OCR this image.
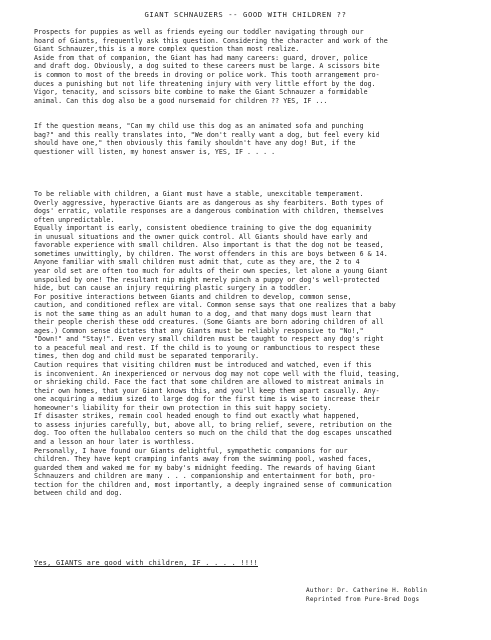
GIANT SCHNAUZERS -- GOOD WITH CHILDREN ??
Prospects for puppies as well as friends eyeing our toddler navigating through our
hoard of Giants, frequently ask this question. Considering the character and work of the
Giant Schnauzer,this is a more complex question than most realize.
Aside from that of companion, the Giant has had many careers: guard, drover, police
and draft dog. Obviously, a dog suited to these careers must be large. A scissors bite
is common to most of the breeds in droving or police work. This tooth arrangement pro-
duces a punishing but not life threatening injury with very little effort by the dog.
Vigor, tenacity, and scissors bite combine to make the Giant Schnauzer a formidable
animal. Can this dog also be a good nursemaid for children ?? YES, IF ...
If the question means, "Can my child use this dog as an animated sofa and punching
bag?" and this really translates into, "We don't really want a dog, but feel every kid
should have one," then obviously this family shouldn't have any dog! But, if the
questioner will listen, my honest answer is, YES, IF . . . .
To be reliable with children, a Giant must have a stable, unexcitable temperament.
Overly aggressive, hyperactive Giants are as dangerous as shy fearbiters. Both types of
dogs' erratic, volatile responses are a dangerous combination with children, themselves
often unpredictable.
Equally important is early, consistent obedience training to give the dog equanimity
in unusual situations and the owner quick control. All Giants should have early and
favorable experience with small children. Also important is that the dog not be teased,
sometimes unwittingly, by children. The worst offenders in this are boys between 6 & 14.
Anyone familiar with small children must admit that, cute as they are, the 2 to 4
year old set are often too much for adults of their own species, let alone a young Giant
unspoiled by one! The resultant nip might merely pinch a puppy or dog's well-protected
hide, but can cause an injury requiring plastic surgery in a toddler.
For positive interactions between Giants and children to develop, common sense,
caution, and conditioned reflex are vital. Common sense says that one realizes that a baby
is not the same thing as an adult human to a dog, and that many dogs must learn that
their people cherish these odd creatures. (Some Giants are born adoring children of all
ages.) Common sense dictates that any Giants must be reliably responsive to "No!,"
"Down!" and "Stay!". Even very small children must be taught to respect any dog's right
to a peaceful meal and rest. If the child is to young or rambunctious to respect these
times, then dog and child must be separated temporarily.
Caution requires that visiting children must be introduced and watched, even if this
is inconvenient. An inexperienced or nervous dog may not cope well with the fluid, teasing,
or shrieking child. Face the fact that some children are allowed to mistreat animals in
their own homes, that your Giant knows this, and you'll keep them apart casually. Any-
one acquiring a medium sized to large dog for the first time is wise to increase their
homeowner's liability for their own protection in this suit happy society.
If disaster strikes, remain cool headed enough to find out exactly what happened,
to assess injuries carefully, but, above all, to bring relief, severe, retribution on the
dog. Too often the hullabaloo centers so much on the child that the dog escapes unscathed
and a lesson an hour later is worthless.
Personally, I have found our Giants delightful, sympathetic companions for our
children. They have kept cramping infants away from the swimming pool, washed faces,
guarded them and waked me for my baby's midnight feeding. The rewards of having Giant
Schnauzers and children are many . . . companionship and entertainment for both, pro-
tection for the children and, most importantly, a deeply ingrained sense of communication
between child and dog.
Yes, GIANTS are good with children, IF . . . . !!!!
Author: Dr. Catherine H. Roblin
Reprinted from Pure-Bred Dogs
